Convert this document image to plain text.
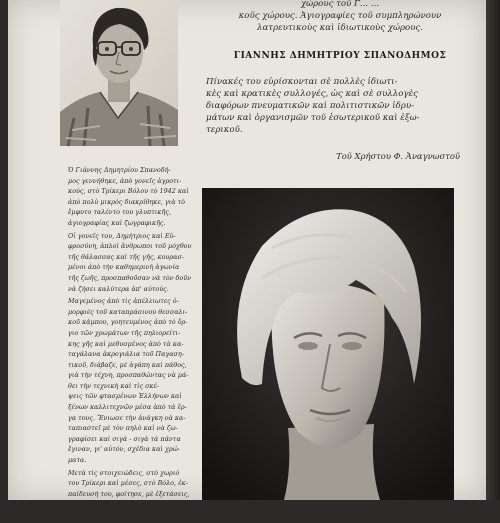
χώρους τοῦ Γ... ...
κοῦς χώρους. Ἀγιογραφίες τοῦ συμπληρώνουν
λατρευτικοὺς καὶ ἰδιωτικοὺς χώρους.
ΓΙΑΝΝΗΣ ΔΗΜΗΤΡΙΟΥ ΣΠΑΝΟΔΗΜΟΣ
Πίνακές του εὑρίσκονται σὲ πολλὲς ἰδιωτι-
κὲς καὶ κρατικὲς συλλογές, ὡς καὶ σὲ συλλογὲς
διαφόρων πνευματικῶν καὶ πολιτιστικῶν ἱδρυ-
μάτων καὶ ὀργανισμῶν τοῦ ἐσωτερικοῦ καὶ ἐξω-
τερικοῦ.
Τοῦ Χρήστου Φ. Ἀναγνωστοῦ

Ὁ Γιάννης Δημητρίου Σπανοδή-
μος γεννήθηκε, ἀπὸ γονεῖς ἀγροτι-
κούς, στὸ Τρίκερι Βόλου τὸ 1942 καὶ
ἀπὸ πολὺ μικρὸς διακρίθηκε, γιὰ τὸ
ἔμφυτο ταλέντο του γλυπτικῆς,
ἁγιογραφίας καὶ ζωγραφικῆς.

Οἱ γονεῖς του, Δημήτριος καὶ Εὐ-
φροσύνη, ἁπλοὶ ἄνθρωποι τοῦ μόχθου
τῆς θάλασσας καὶ τῆς γῆς, κουρασ-
μένοι ἀπὸ τὴν καθημερινὴ ἀγωνία
τῆς ζωῆς, προσπαθοῦσαν νὰ τὸν δοῦν
νὰ ζήσει καλύτερα ἀπ' αὐτούς.

Μαγεμένος ἀπὸ τὶς ἀπέλειωτες ὀ-
μορφιὲς τοῦ καταπράσινου θεσσαλι-
κοῦ κάμπου, γοητευμένος ἀπὸ τὸ ὄρ-
γιο τῶν χρωμάτων τῆς πηλιορείτι-
κης γῆς καὶ μεθυσμένος ἀπὸ τὰ κα-
ταγάλανα ἀκρογιάλια τοῦ Παγαση-
τικοῦ, διάβαζε, μὲ ἀγάπη καὶ πάθος,
γιὰ τὴν τέχνη, προσπαθώντας νὰ μά-
θει τὴν τεχνικὴ καὶ τὶς σκέ-
ψεις τῶν φτασμένων Ἑλλήνων καὶ
ξένων καλλιτεχνῶν μέσα ἀπὸ τὰ ἔρ-
γα τους. Ἔνιωσε τὴν ἀνάγκη νὰ κα-
ταπιαστεῖ μὲ τὸν πηλὸ καὶ νὰ ζω-
γραφίσει καὶ σιγὰ - σιγὰ τὰ πάντα
ἔγιναν, γι' αὐτόν, σχέδια καὶ χρώ-
ματα.

Μετὰ τὶς στοιχειώδεις, στὸ χωριό
του Τρίκερι καὶ μέσες, στὸ Βόλο, ἐκ-
παίδευσή του, φοίτησε, μὲ ἐξετάσεις,
στὴν Ἀνωτάτη Σχολὴ Καλῶν Τε-
χνῶν Ἀθηνῶν.
